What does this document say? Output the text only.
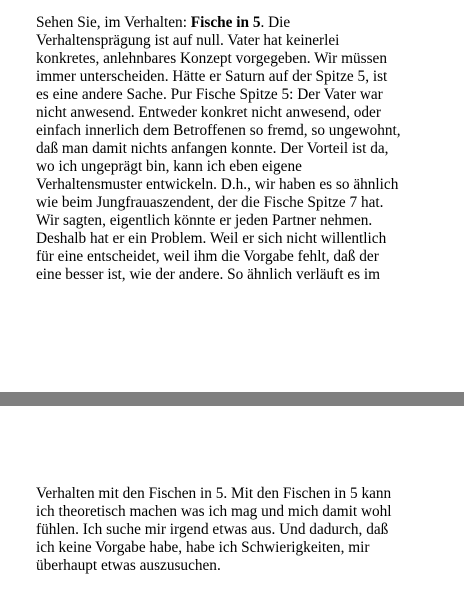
Sehen Sie, im Verhalten: Fische in 5. Die
Verhaltensprägung ist auf null. Vater hat keinerlei
konkretes, anlehnbares Konzept vorgegeben. Wir müssen
immer unterscheiden. Hätte er Saturn auf der Spitze 5, ist
es eine andere Sache. Pur Fische Spitze 5: Der Vater war
nicht anwesend. Entweder konkret nicht anwesend, oder
einfach innerlich dem Betroffenen so fremd, so ungewohnt,
daß man damit nichts anfangen konnte. Der Vorteil ist da,
wo ich ungeprägt bin, kann ich eben eigene
Verhaltensmuster entwickeln. D.h., wir haben es so ähnlich
wie beim Jungfrauaszendent, der die Fische Spitze 7 hat.
Wir sagten, eigentlich könnte er jeden Partner nehmen.
Deshalb hat er ein Problem. Weil er sich nicht willentlich
für eine entscheidet, weil ihm die Vorgabe fehlt, daß der
eine besser ist, wie der andere. So ähnlich verläuft es im
Verhalten mit den Fischen in 5. Mit den Fischen in 5 kann
ich theoretisch machen was ich mag und mich damit wohl
fühlen. Ich suche mir irgend etwas aus. Und dadurch, daß
ich keine Vorgabe habe, habe ich Schwierigkeiten, mir
überhaupt etwas auszusuchen.
